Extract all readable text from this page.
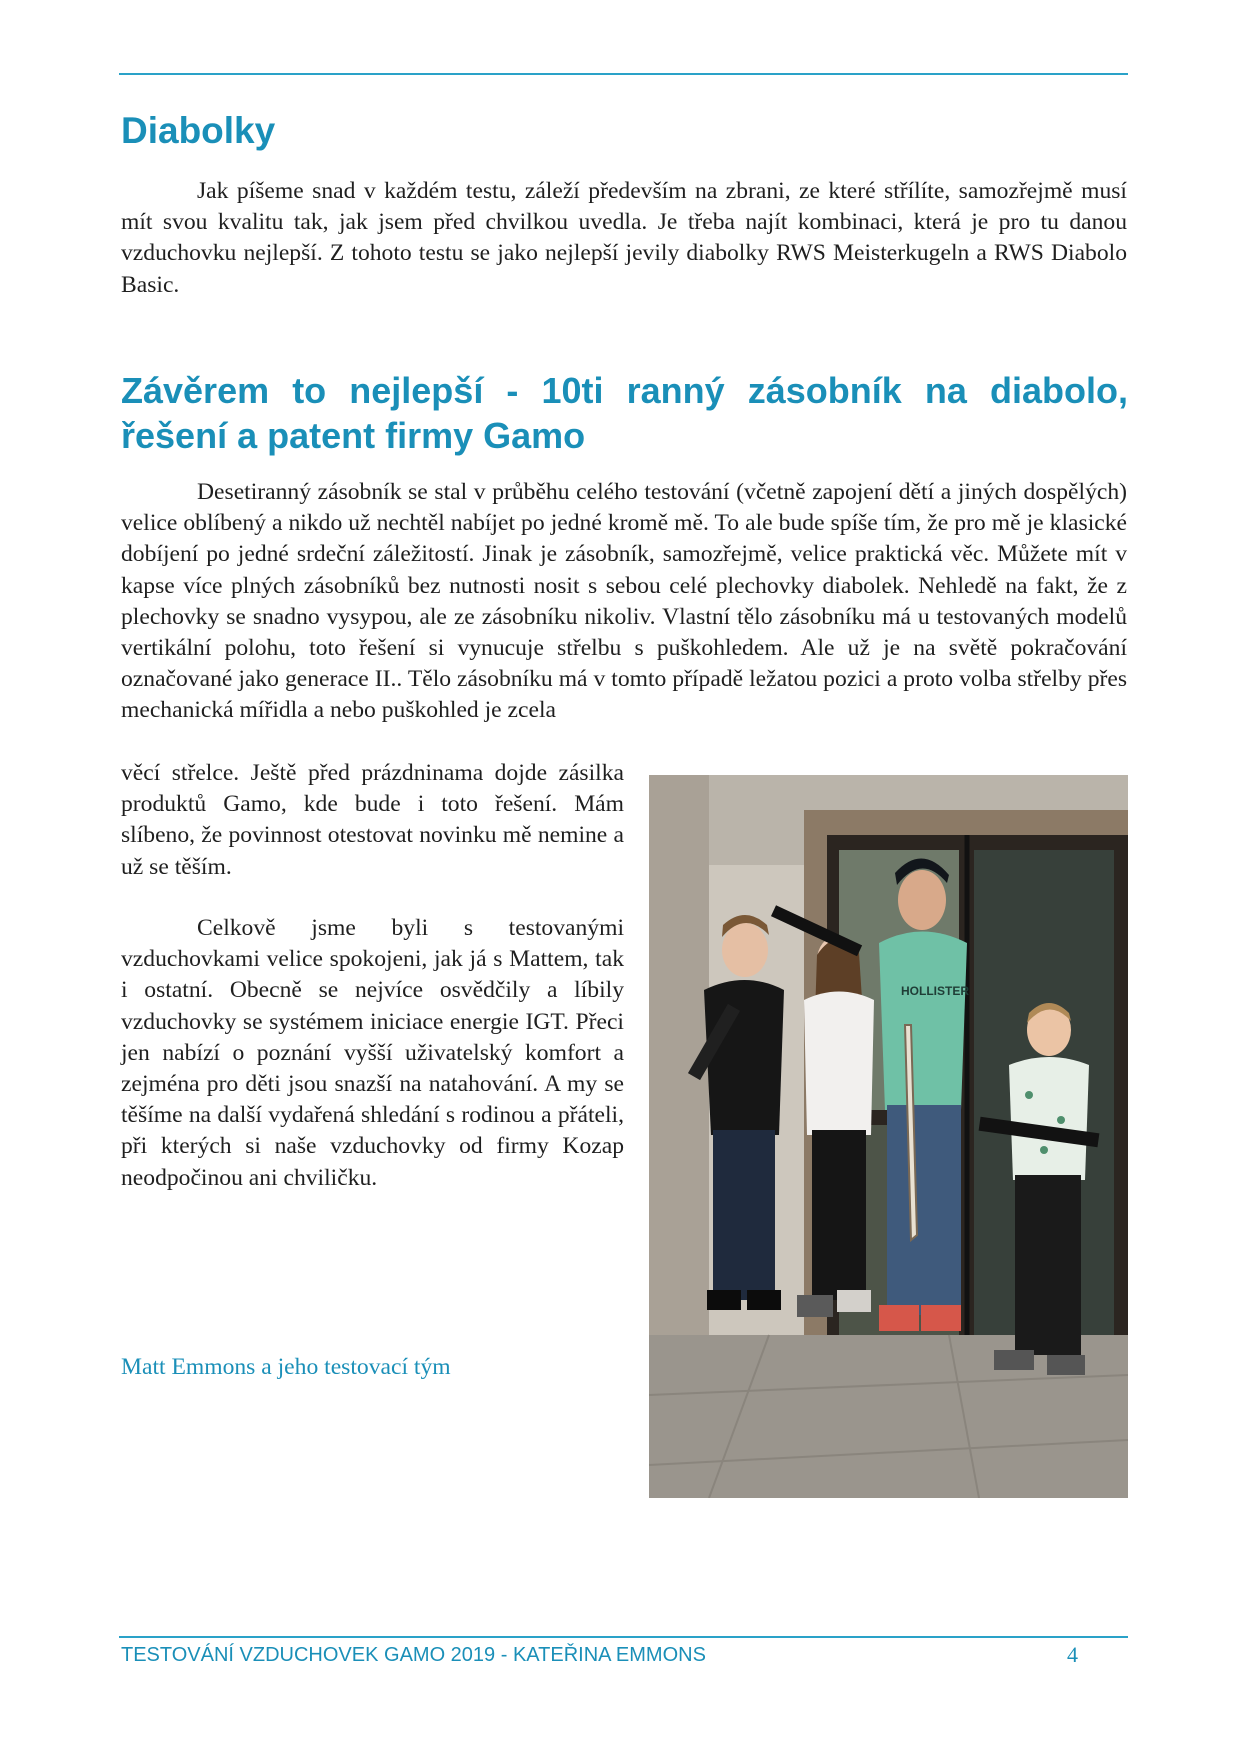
Diabolky

Jak píšeme snad v každém testu, záleží především na zbrani, ze které střílíte, samozřejmě musí mít svou kvalitu tak, jak jsem před chvilkou uvedla. Je třeba najít kombinaci, která je pro tu danou vzduchovku nejlepší. Z tohoto testu se jako nejlepší jevily diabolky RWS Meisterkugeln a RWS Diabolo Basic.

Závěrem to nejlepší - 10ti ranný zásobník na diabolo,
řešení a patent firmy Gamo

Desetiranný zásobník se stal v průběhu celého testování (včetně zapojení dětí a jiných dospělých) velice oblíbený a nikdo už nechtěl nabíjet po jedné kromě mě. To ale bude spíše tím, že pro mě je klasické dobíjení po jedné srdeční záležitostí. Jinak je zásobník, samozřejmě, velice praktická věc. Můžete mít v kapse více plných zásobníků bez nutnosti nosit s sebou celé plechovky diabolek. Nehledě na fakt, že z plechovky se snadno vysypou, ale ze zásobníku nikoliv. Vlastní tělo zásobníku má u testovaných modelů vertikální polohu, toto řešení si vynucuje střelbu s puškohledem. Ale už je na světě pokračování označované jako generace II.. Tělo zásobníku má v tomto případě ležatou pozici a proto volba střelby přes mechanická mířidla a nebo puškohled je zcela

věcí střelce. Ještě před prázdninama dojde zásilka produktů Gamo, kde bude i toto řešení. Mám slíbeno, že povinnost otestovat novinku mě nemine a už se těším.

Celkově jsme byli s testovanými vzduchovkami velice spokojeni, jak já s Mattem, tak i ostatní. Obecně se nejvíce osvědčily a líbily vzduchovky se systémem iniciace energie IGT. Přeci jen nabízí o poznání vyšší uživatelský komfort a zejména pro děti jsou snazší na natahování. A my se těšíme na další vydařená shledání s rodinou a přáteli, při kterých si naše vzduchovky od firmy Kozap neodpočinou ani chviličku.

Matt Emmons a jeho testovací tým

HOLLISTER
TESTOVÁNÍ VZDUCHOVEK GAMO 2019 - KATEŘINA EMMONS	4
